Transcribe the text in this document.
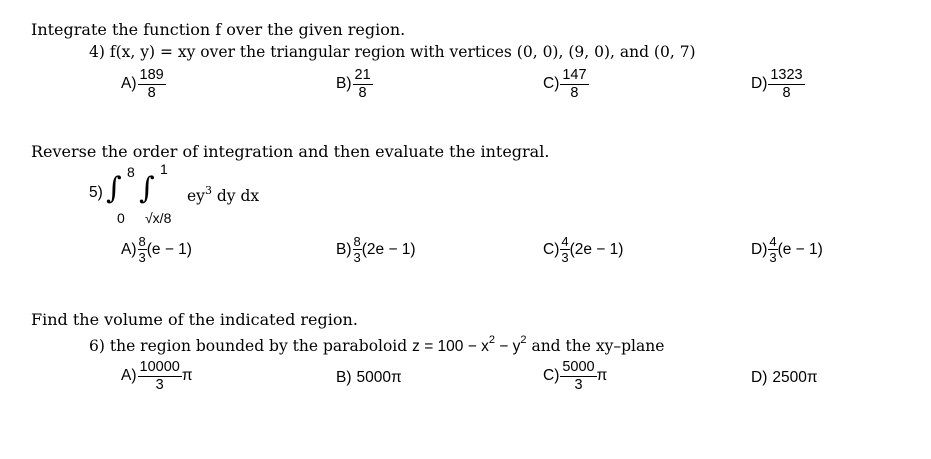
Integrate the function f over the given region.
4) f(x, y) = xy over the triangular region with vertices (0, 0), (9, 0), and (0, 7)
$A) \frac{189}{8}$	$B) \frac{21}{8}$	$C) \frac{147}{8}$	$D) \frac{1323}{8}$
Reverse the order of integration and then evaluate the integral.
5)
8
∫
0
1
∫
√x/8
$ey^3$ dy dx
$A) \frac{8}{3} (e - 1)$	$B) \frac{8}{3} (2e - 1)$	$C) \frac{4}{3} (2e - 1)$	$D) \frac{4}{3} (e - 1)$
Find the volume of the indicated region.
6) the region bounded by the paraboloid $z = 100 - x^2 - y^2$ and the xy–plane
$A) \frac{10000}{3}$ π	B) 5000π	$C) \frac{5000}{3}$ π	D) 2500π
